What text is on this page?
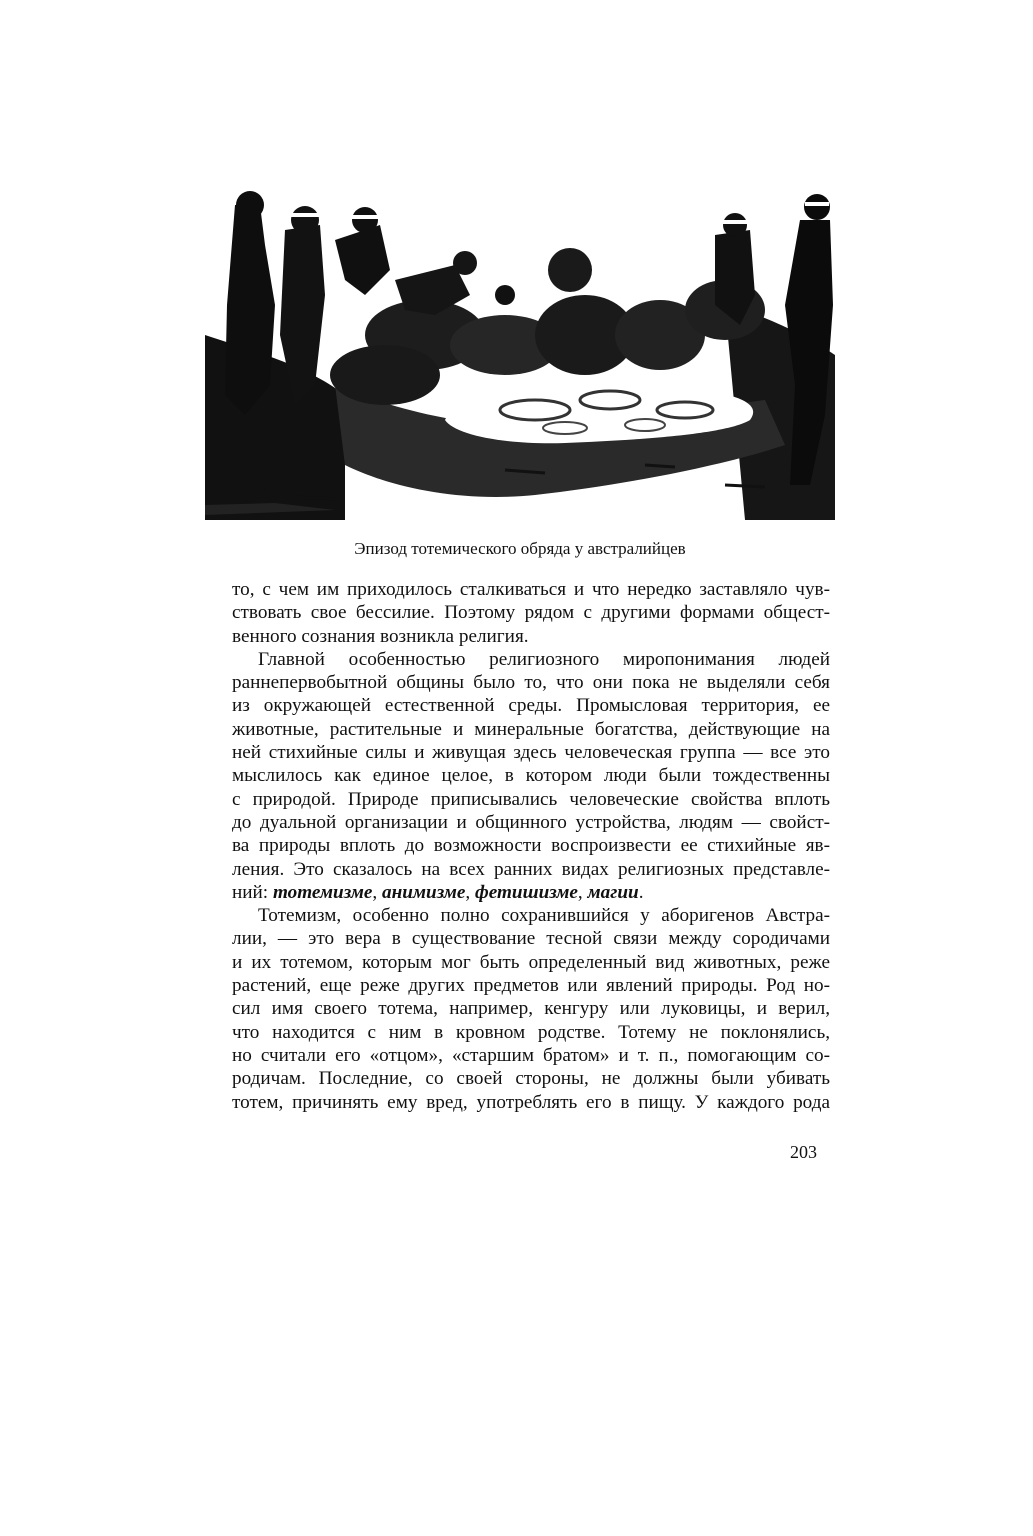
Эпизод тотемического обряда у австралийцев

то, с чем им приходилось сталкиваться и что нередко заставляло чув-
ствовать свое бессилие. Поэтому рядом с другими формами общест-
венного сознания возникла религия.

Главной особенностью религиозного миропонимания людей
раннепервобытной общины было то, что они пока не выделяли себя
из окружающей естественной среды. Промысловая территория, ее
животные, растительные и минеральные богатства, действующие на
ней стихийные силы и живущая здесь человеческая группа — все это
мыслилось как единое целое, в котором люди были тождественны
с природой. Природе приписывались человеческие свойства вплоть
до дуальной организации и общинного устройства, людям — свойст-
ва природы вплоть до возможности воспроизвести ее стихийные яв-
ления. Это сказалось на всех ранних видах религиозных представле-
ний: тотемизме, анимизме, фетишизме, магии.

Тотемизм, особенно полно сохранившийся у аборигенов Австра-
лии, — это вера в существование тесной связи между сородичами
и их тотемом, которым мог быть определенный вид животных, реже
растений, еще реже других предметов или явлений природы. Род но-
сил имя своего тотема, например, кенгуру или луковицы, и верил,
что находится с ним в кровном родстве. Тотему не поклонялись,
но считали его «отцом», «старшим братом» и т. п., помогающим со-
родичам. Последние, со своей стороны, не должны были убивать
тотем, причинять ему вред, употреблять его в пищу. У каждого рода

203
